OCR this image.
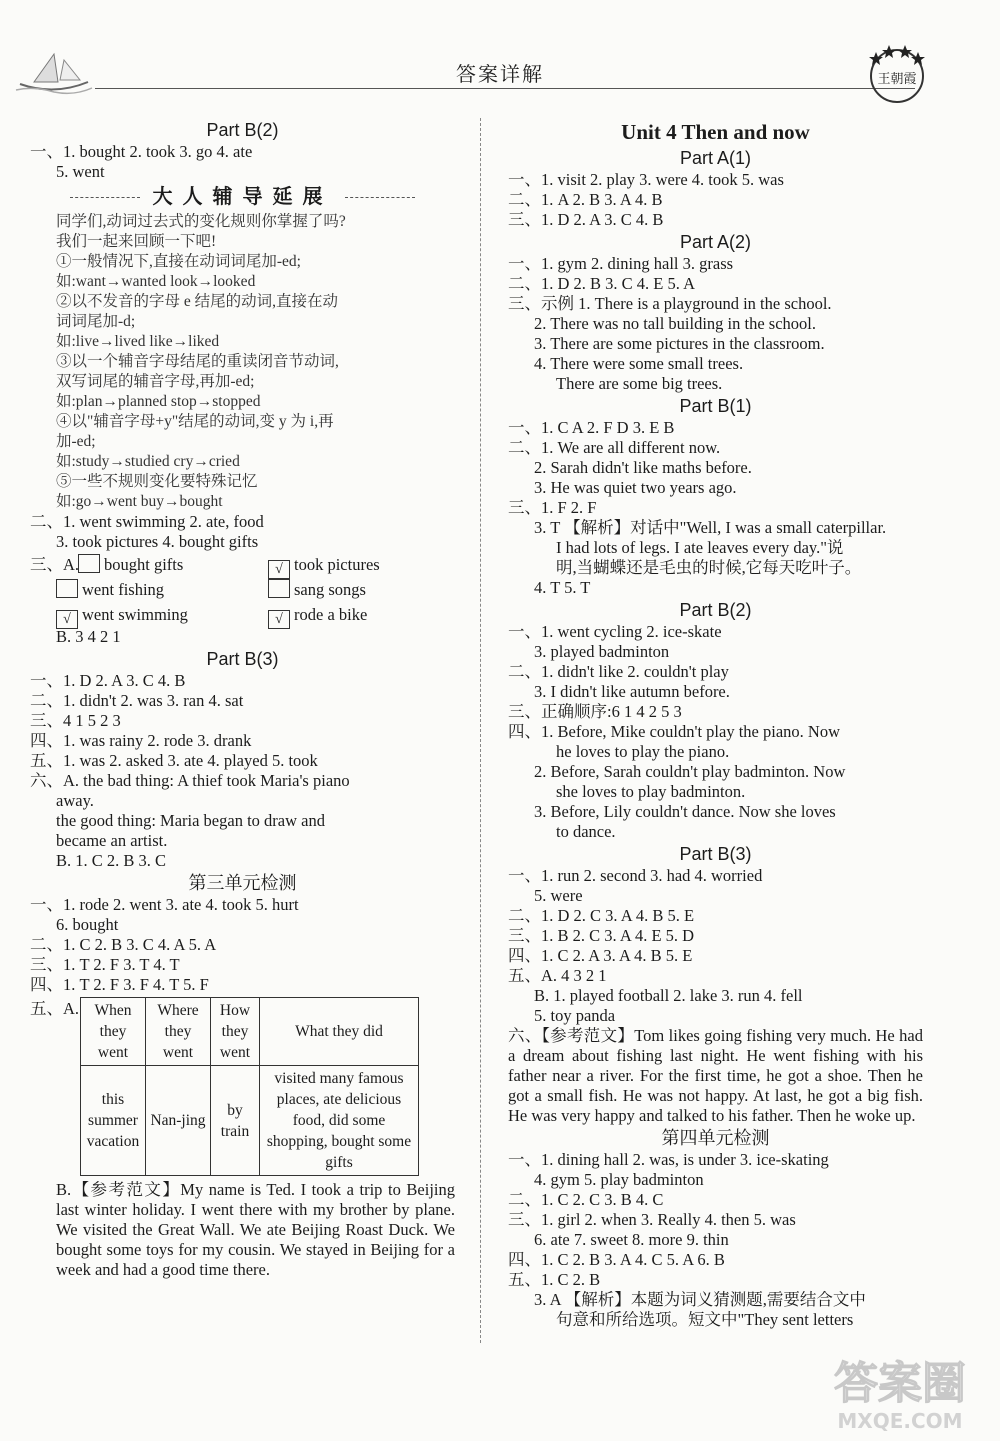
答案详解	王朝霞
Part B(2)
一、1. bought 2. took 3. go 4. ate
5. went
大人辅导延展
同学们,动词过去式的变化规则你掌握了吗?
我们一起来回顾一下吧!
①一般情况下,直接在动词词尾加-ed;
如:want→wanted look→looked
②以不发音的字母 e 结尾的动词,直接在动
词词尾加-d;
如:live→lived like→liked
③以一个辅音字母结尾的重读闭音节动词,
双写词尾的辅音字母,再加-ed;
如:plan→planned stop→stopped
④以"辅音字母+y"结尾的动词,变 y 为 i,再
加-ed;
如:study→studied cry→cried
⑤一些不规则变化要特殊记忆
如:go→went buy→bought
二、1. went swimming 2. ate, food
3. took pictures 4. bought gifts
三、A. bought gifts	√ took pictures
went fishing	sang songs
√ went swimming	√ rode a bike
B. 3 4 2 1
Part B(3)
一、1. D 2. A 3. C 4. B
二、1. didn't 2. was 3. ran 4. sat
三、4 1 5 2 3
四、1. was rainy 2. rode 3. drank
五、1. was 2. asked 3. ate 4. played 5. took
六、A. the bad thing: A thief took Maria's piano
away.
the good thing: Maria began to draw and
became an artist.
B. 1. C 2. B 3. C
第三单元检测
一、1. rode 2. went 3. ate 4. took 5. hurt
6. bought
二、1. C 2. B 3. C 4. A 5. A
三、1. T 2. F 3. T 4. T
四、1. T 2. F 3. F 4. T 5. F
五、A. When they went	Where they went	How they went	What they did
this summer vacation	Nan-jing	by train	visited many famous places, ate delicious food, did some shopping, bought some gifts
B.【参考范文】My name is Ted. I took a trip to Beijing last winter holiday. I went there with my brother by plane. We visited the Great Wall. We ate Beijing Roast Duck. We bought some toys for my cousin. We stayed in Beijing for a week and had a good time there.
Unit 4 Then and now
Part A(1)
一、1. visit 2. play 3. were 4. took 5. was
二、1. A 2. B 3. A 4. B
三、1. D 2. A 3. C 4. B
Part A(2)
一、1. gym 2. dining hall 3. grass
二、1. D 2. B 3. C 4. E 5. A
三、示例 1. There is a playground in the school.
2. There was no tall building in the school.
3. There are some pictures in the classroom.
4. There were some small trees.
There are some big trees.
Part B(1)
一、1. C A 2. F D 3. E B
二、1. We are all different now.
2. Sarah didn't like maths before.
3. He was quiet two years ago.
三、1. F 2. F
3. T 【解析】对话中"Well, I was a small caterpillar.
I had lots of legs. I ate leaves every day."说
明,当蝴蝶还是毛虫的时候,它每天吃叶子。
4. T 5. T
Part B(2)
一、1. went cycling 2. ice-skate
3. played badminton
二、1. didn't like 2. couldn't play
3. I didn't like autumn before.
三、正确顺序:6 1 4 2 5 3
四、1. Before, Mike couldn't play the piano. Now
he loves to play the piano.
2. Before, Sarah couldn't play badminton. Now
she loves to play badminton.
3. Before, Lily couldn't dance. Now she loves
to dance.
Part B(3)
一、1. run 2. second 3. had 4. worried
5. were
二、1. D 2. C 3. A 4. B 5. E
三、1. B 2. C 3. A 4. E 5. D
四、1. C 2. A 3. A 4. B 5. E
五、A. 4 3 2 1
B. 1. played football 2. lake 3. run 4. fell
5. toy panda
六、【参考范文】Tom likes going fishing very much. He had a dream about fishing last night. He went fishing with his father near a river. For the first time, he got a shoe. Then he got a small fish. He was not happy. At last, he got a big fish. He was very happy and talked to his father. Then he woke up.
第四单元检测
一、1. dining hall 2. was, is under 3. ice-skating
4. gym 5. play badminton
二、1. C 2. C 3. B 4. C
三、1. girl 2. when 3. Really 4. then 5. was
6. ate 7. sweet 8. more 9. thin
四、1. C 2. B 3. A 4. C 5. A 6. B
五、1. C 2. B
3. A 【解析】本题为词义猜测题,需要结合文中
句意和所给选项。短文中"They sent letters
答案圈
MXQE.COM
